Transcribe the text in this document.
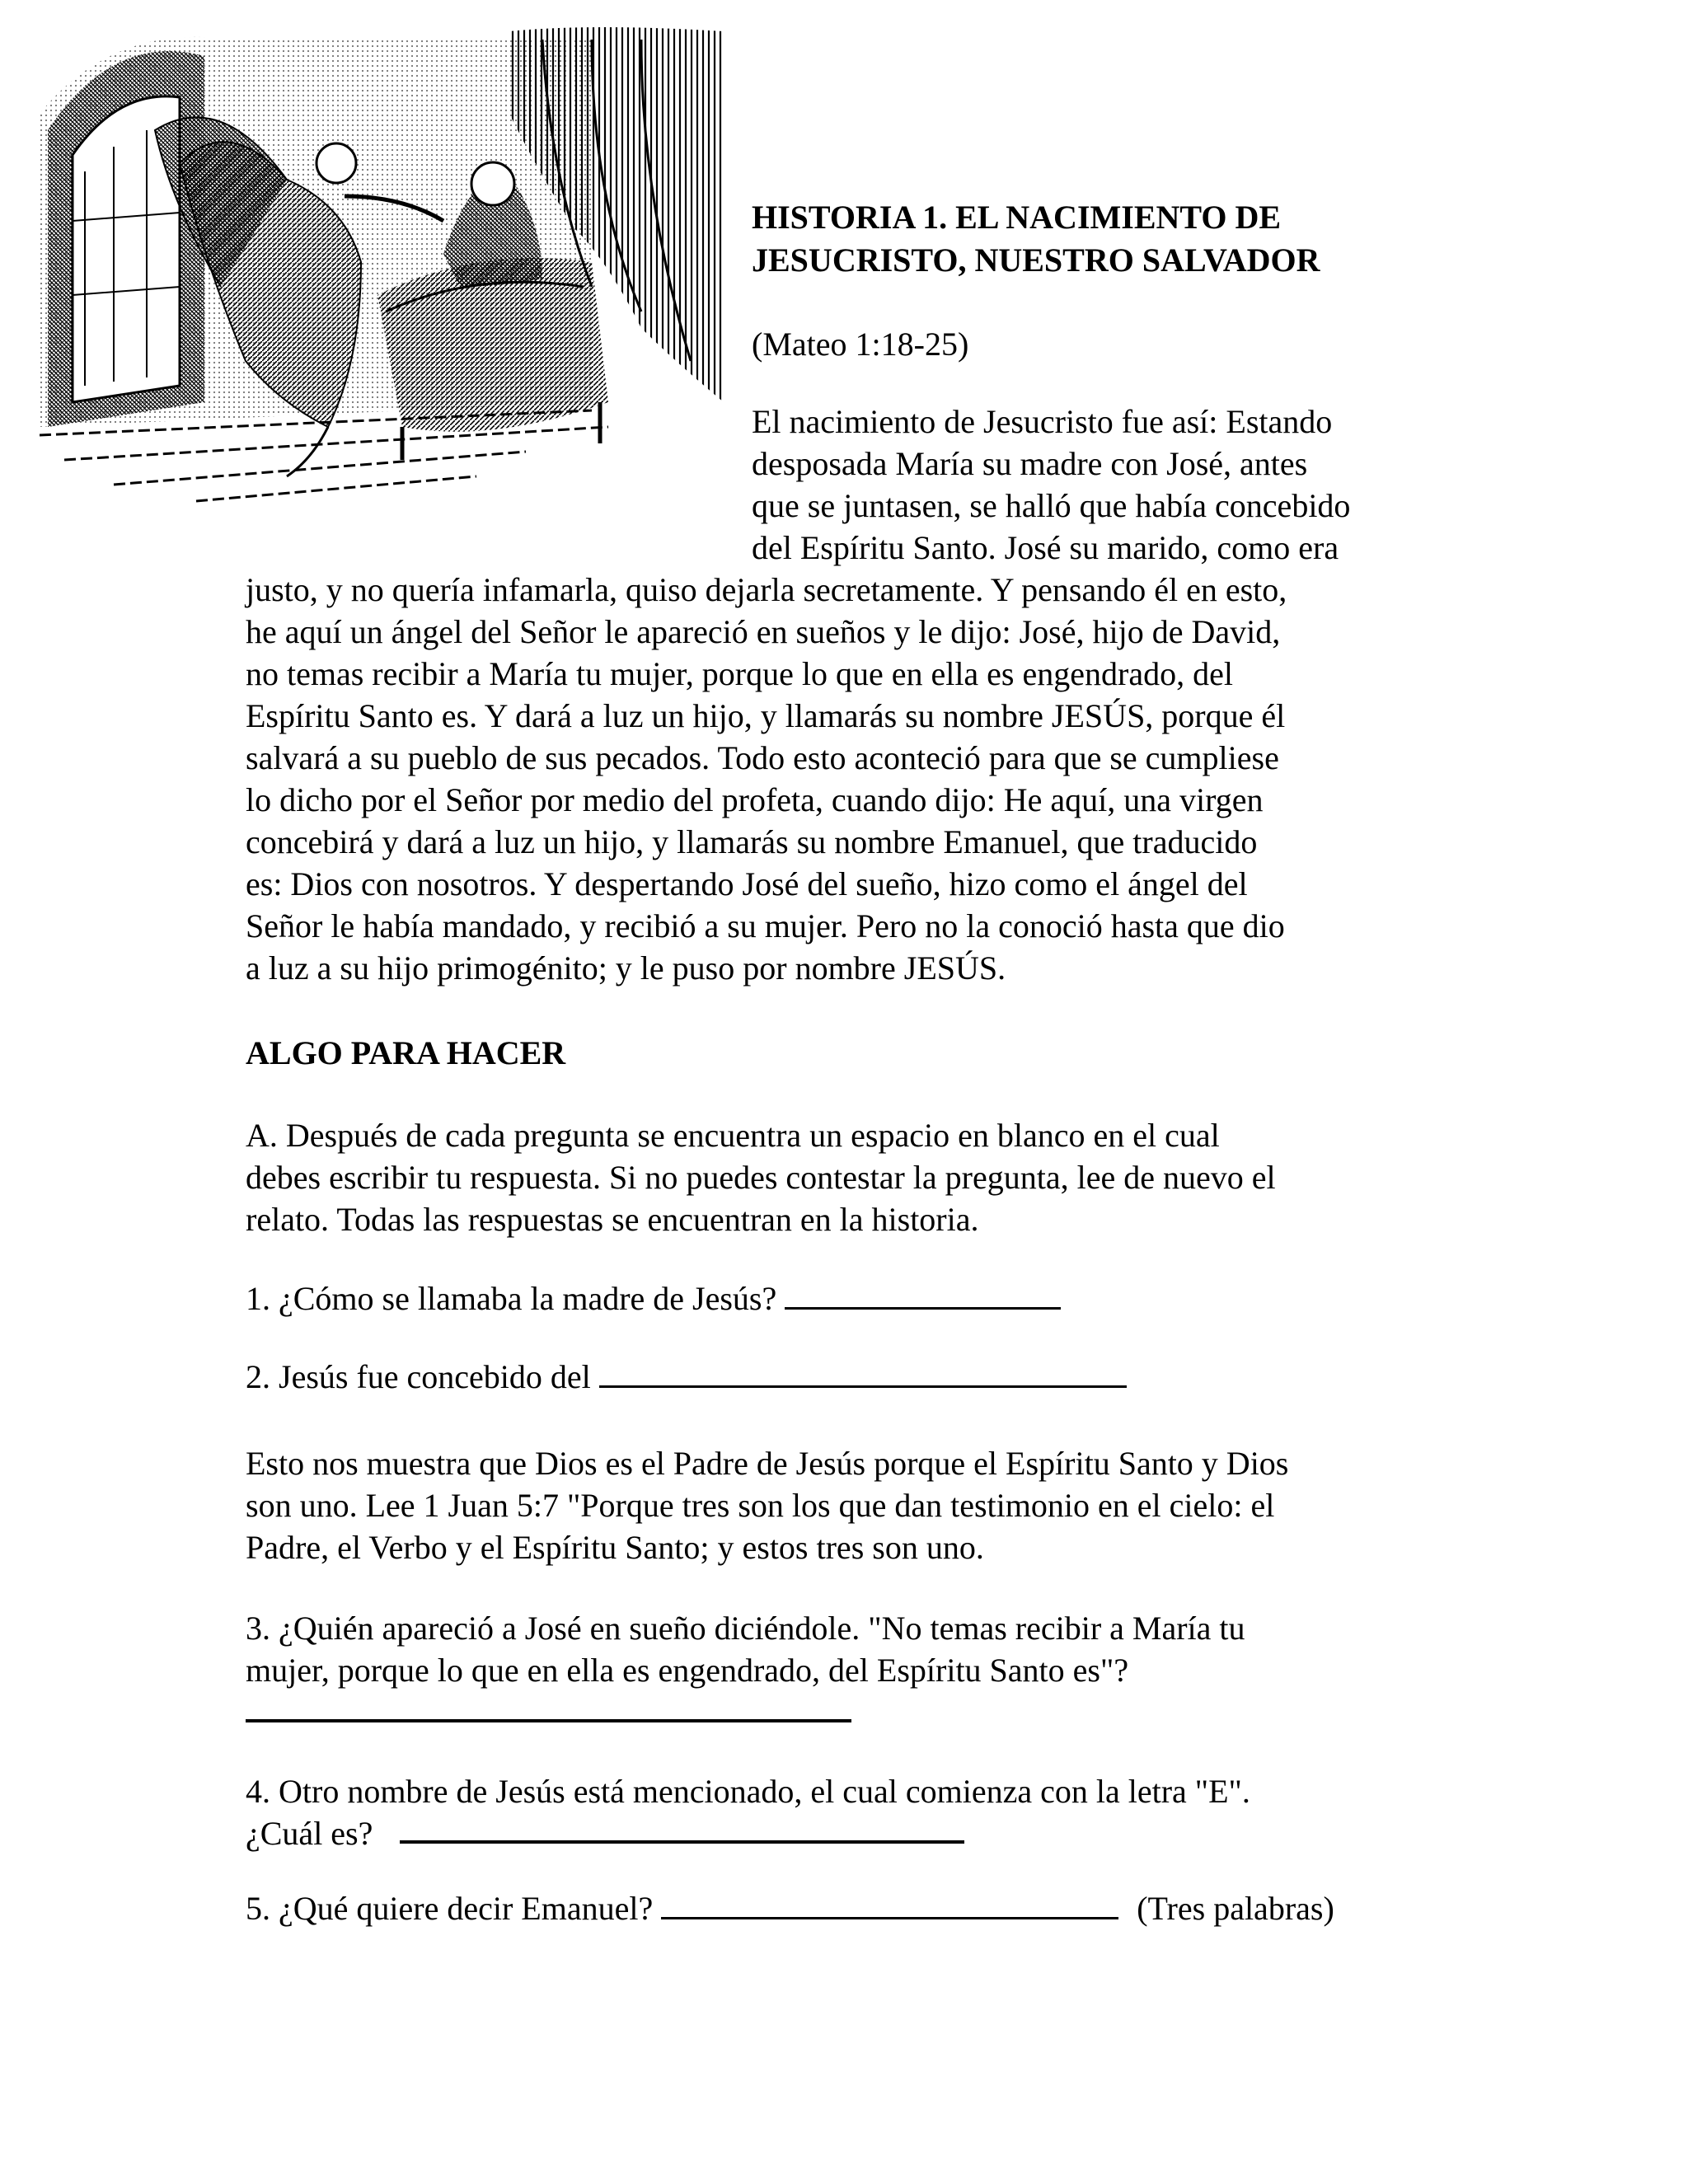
HISTORIA 1. EL NACIMIENTO DE
JESUCRISTO, NUESTRO SALVADOR
(Mateo 1:18-25)
El nacimiento de Jesucristo fue así: Estando
desposada María su madre con José, antes
que se juntasen, se halló que había concebido
del Espíritu Santo. José su marido, como era
justo, y no quería infamarla, quiso dejarla secretamente. Y pensando él en esto,
he aquí un ángel del Señor le apareció en sueños y le dijo: José, hijo de David,
no temas recibir a María tu mujer, porque lo que en ella es engendrado, del
Espíritu Santo es. Y dará a luz un hijo, y llamarás su nombre JESÚS, porque él
salvará a su pueblo de sus pecados. Todo esto aconteció para que se cumpliese
lo dicho por el Señor por medio del profeta, cuando dijo: He aquí, una virgen
concebirá y dará a luz un hijo, y llamarás su nombre Emanuel, que traducido
es: Dios con nosotros. Y despertando José del sueño, hizo como el ángel del
Señor le había mandado, y recibió a su mujer. Pero no la conoció hasta que dio
a luz a su hijo primogénito; y le puso por nombre JESÚS.
ALGO PARA HACER
A. Después de cada pregunta se encuentra un espacio en blanco en el cual
debes escribir tu respuesta. Si no puedes contestar la pregunta, lee de nuevo el
relato. Todas las respuestas se encuentran en la historia.
1. ¿Cómo se llamaba la madre de Jesús?
2. Jesús fue concebido del
Esto nos muestra que Dios es el Padre de Jesús porque el Espíritu Santo y Dios
son uno. Lee 1 Juan 5:7 "Porque tres son los que dan testimonio en el cielo: el
Padre, el Verbo y el Espíritu Santo; y estos tres son uno.
3. ¿Quién apareció a José en sueño diciéndole. "No temas recibir a María tu
mujer, porque lo que en ella es engendrado, del Espíritu Santo es"?
4. Otro nombre de Jesús está mencionado, el cual comienza con la letra "E".
¿Cuál es?
5. ¿Qué quiere decir Emanuel?	(Tres palabras)
